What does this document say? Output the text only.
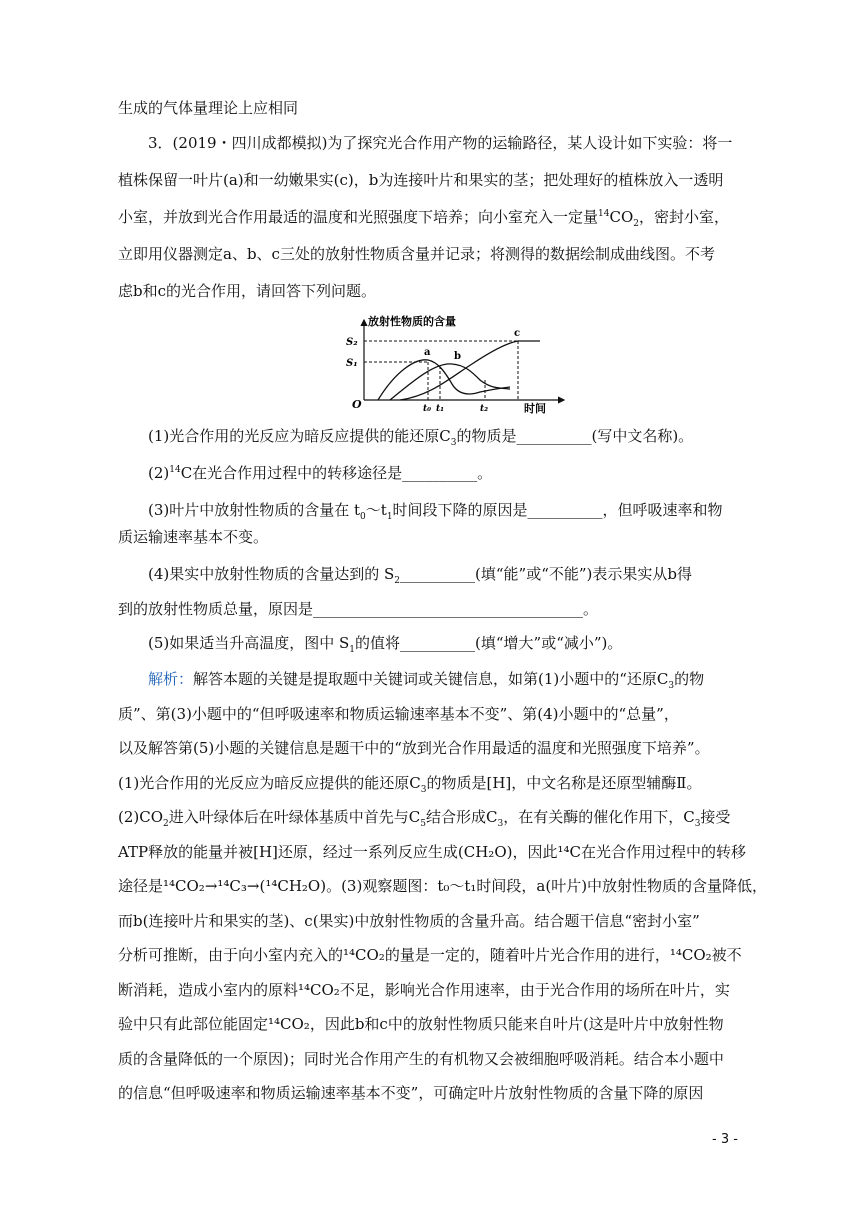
生成的气体量理论上应相同
3．(2019・四川成都模拟)为了探究光合作用产物的运输路径，某人设计如下实验：将一
植株保留一叶片(a)和一幼嫩果实(c)，b为连接叶片和果实的茎；把处理好的植株放入一透明
小室，并放到光合作用最适的温度和光照强度下培养；向小室充入一定量$^{14}CO_2$，密封小室，
立即用仪器测定a、b、c三处的放射性物质含量并记录；将测得的数据绘制成曲线图。不考
虑b和c的光合作用，请回答下列问题。
放射性物质的含量
时间
O
S₂
S₁
a b
c
t₀ t₁	t₂
(1)光合作用的光反应为暗反应提供的能还原$C_3$的物质是__________(写中文名称)。
$(2)^{14}C$在光合作用过程中的转移途径是__________。
(3)叶片中放射性物质的含量在 $t_0\sim t_1$时间段下降的原因是__________，但呼吸速率和物
质运输速率基本不变。
(4)果实中放射性物质的含量达到的 $S_2\_\_\_\_\_\_\_\_\_\_$(填“能”或“不能”)表示果实从b得
到的放射性物质总量，原因是____________________________________。
(5)如果适当升高温度，图中 $S_1$的值将__________(填“增大”或“减小”)。
解析：解答本题的关键是提取题中关键词或关键信息，如第(1)小题中的“还原$C_3$的物
质”、第(3)小题中的“但呼吸速率和物质运输速率基本不变”、第(4)小题中的“总量”，
以及解答第(5)小题的关键信息是题干中的“放到光合作用最适的温度和光照强度下培养”。
(1)光合作用的光反应为暗反应提供的能还原$C_3$的物质是[H]，中文名称是还原型辅酶Ⅱ。
$(2)CO_2$进入叶绿体后在叶绿体基质中首先与$C_5$结合形成$C_3$，在有关酶的催化作用下，$C_3$接受
ATP释放的能量并被[H]还原，经过一系列反应生成(CH₂O)，因此¹⁴C在光合作用过程中的转移
途径是¹⁴CO₂→¹⁴C₃→(¹⁴CH₂O)。(3)观察题图：t₀～t₁时间段，a(叶片)中放射性物质的含量降低，
而b(连接叶片和果实的茎)、c(果实)中放射性物质的含量升高。结合题干信息“密封小室”
分析可推断，由于向小室内充入的¹⁴CO₂的量是一定的，随着叶片光合作用的进行，¹⁴CO₂被不
断消耗，造成小室内的原料¹⁴CO₂不足，影响光合作用速率，由于光合作用的场所在叶片，实
验中只有此部位能固定¹⁴CO₂，因此b和c中的放射性物质只能来自叶片(这是叶片中放射性物
质的含量降低的一个原因)；同时光合作用产生的有机物又会被细胞呼吸消耗。结合本小题中
的信息“但呼吸速率和物质运输速率基本不变”，可确定叶片放射性物质的含量下降的原因
- 3 -
